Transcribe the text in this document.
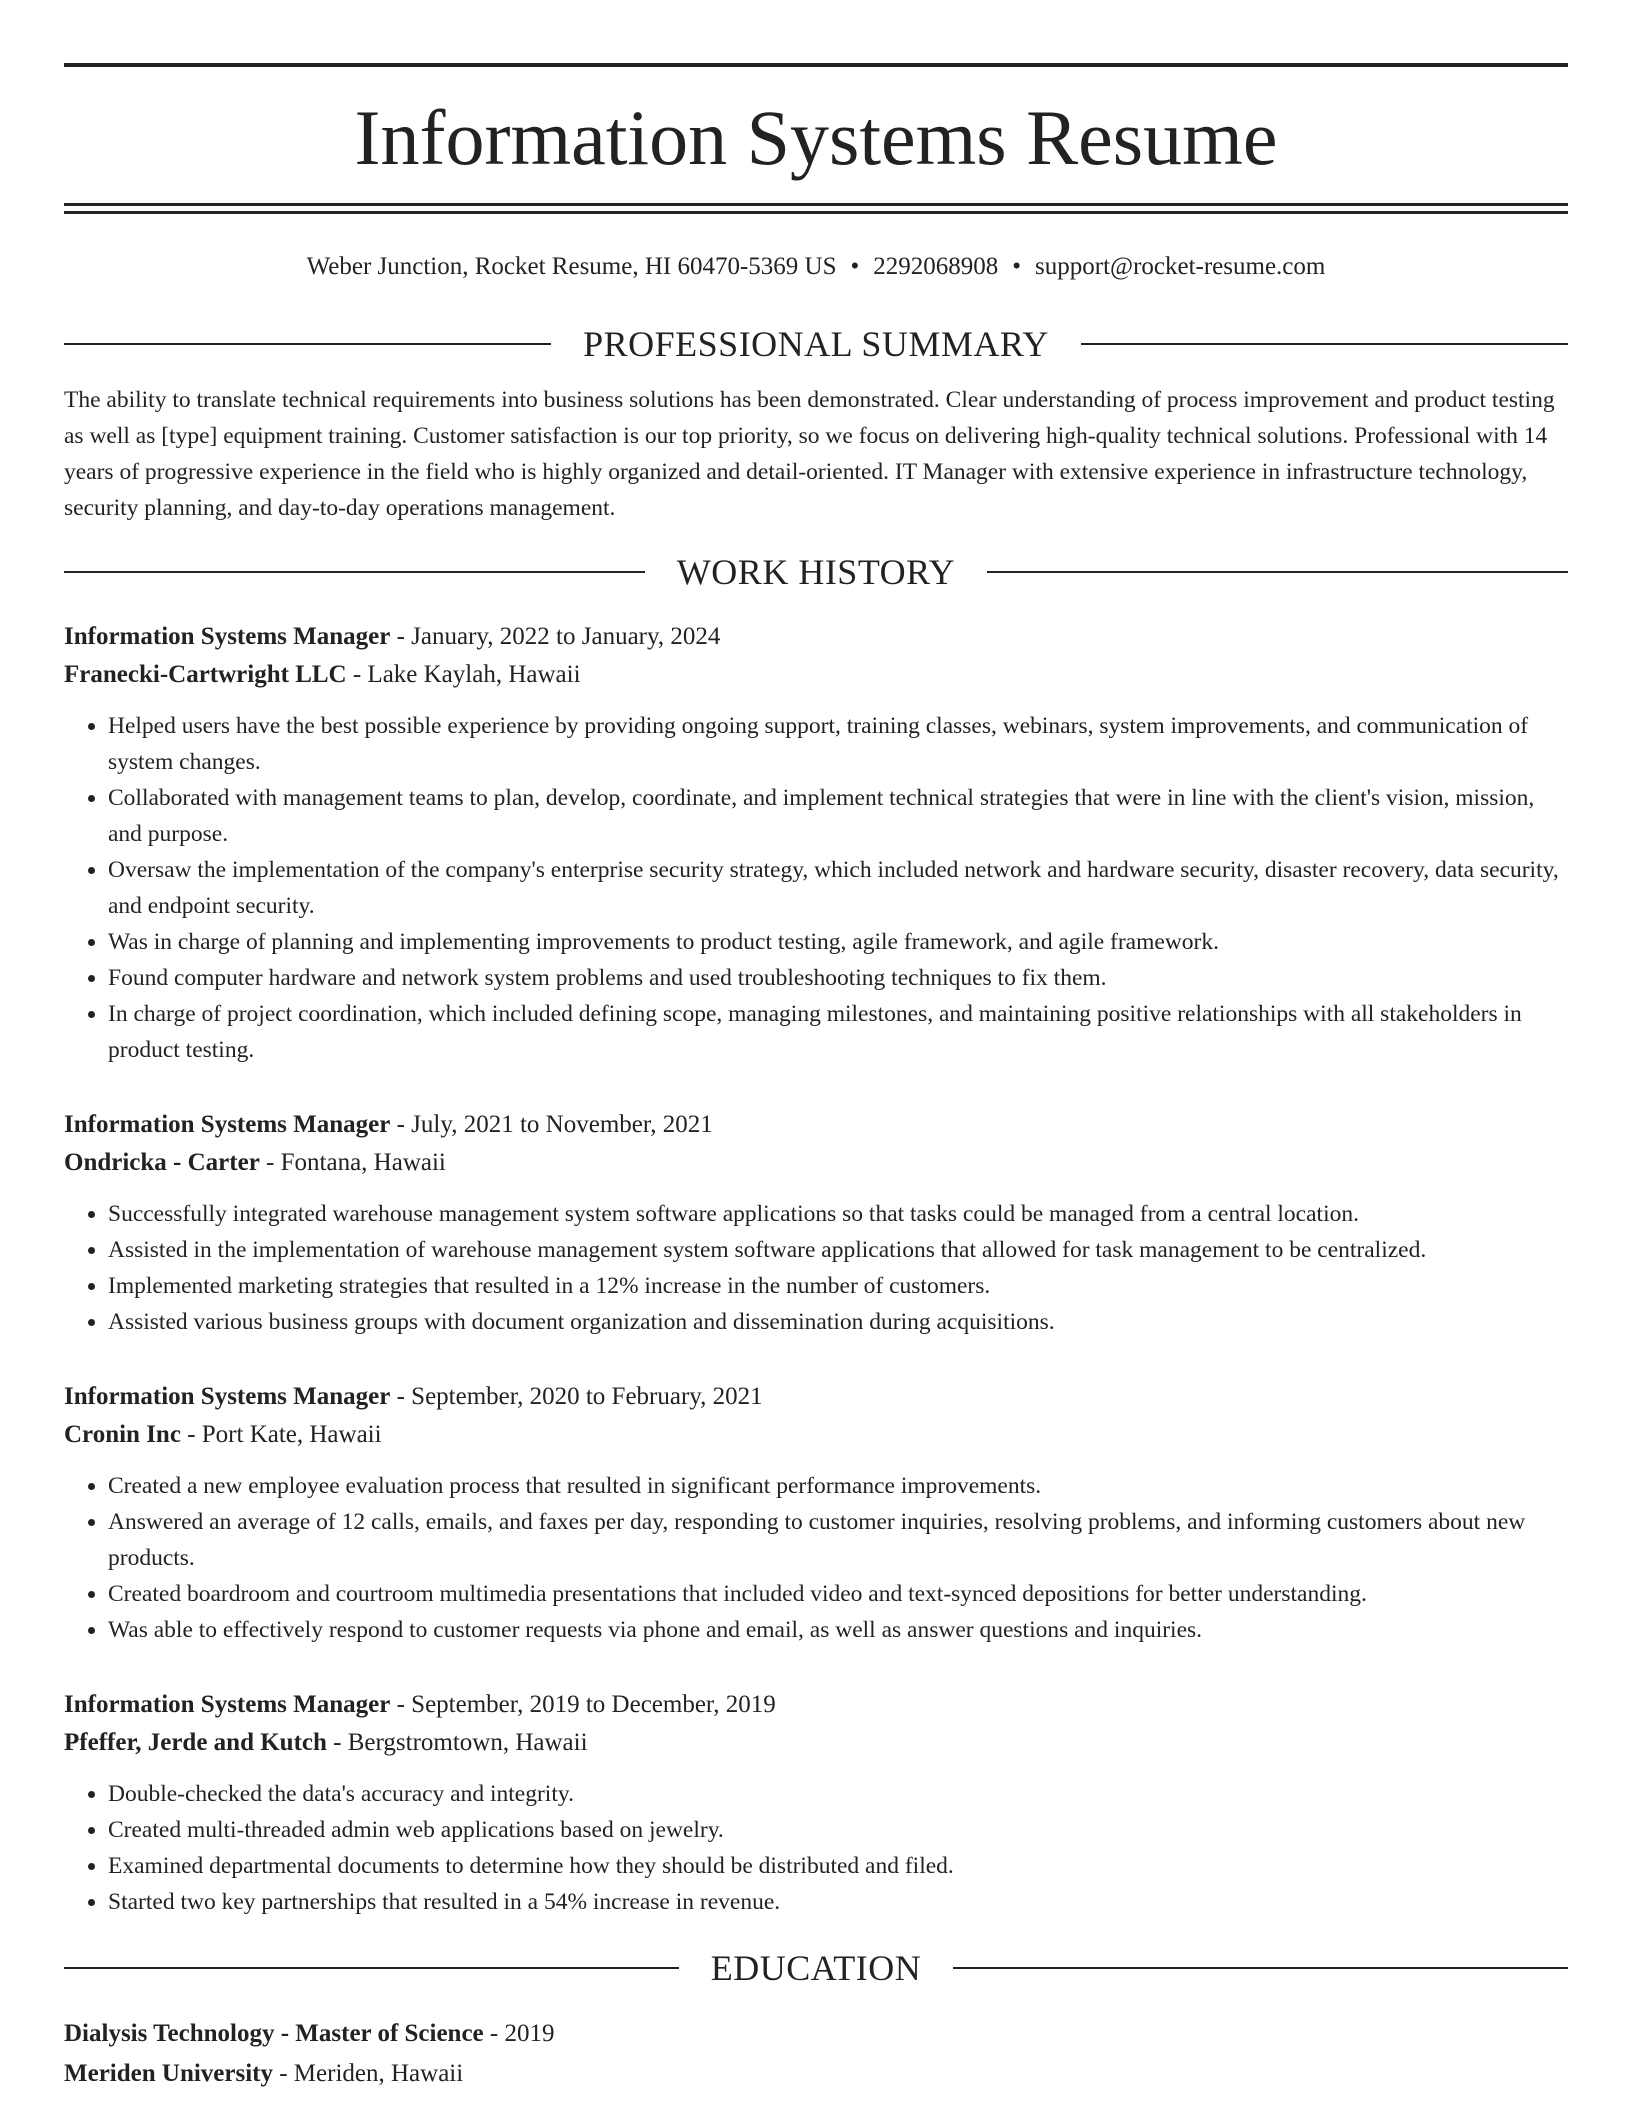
Information Systems Resume
Weber Junction, Rocket Resume, HI 60470-5369 US • 2292068908 • support@rocket-resume.com
PROFESSIONAL SUMMARY

The ability to translate technical requirements into business solutions has been demonstrated. Clear understanding of process improvement and product testing as well as [type] equipment training. Customer satisfaction is our top priority, so we focus on delivering high-quality technical solutions. Professional with 14 years of progressive experience in the field who is highly organized and detail-oriented. IT Manager with extensive experience in infrastructure technology, security planning, and day-to-day operations management.

WORK HISTORY
Information Systems Manager - January, 2022 to January, 2024
Franecki-Cartwright LLC - Lake Kaylah, Hawaii
• Helped users have the best possible experience by providing ongoing support, training classes, webinars, system improvements, and communication of system changes.
• Collaborated with management teams to plan, develop, coordinate, and implement technical strategies that were in line with the client's vision, mission, and purpose.
• Oversaw the implementation of the company's enterprise security strategy, which included network and hardware security, disaster recovery, data security, and endpoint security.
• Was in charge of planning and implementing improvements to product testing, agile framework, and agile framework.
• Found computer hardware and network system problems and used troubleshooting techniques to fix them.
• In charge of project coordination, which included defining scope, managing milestones, and maintaining positive relationships with all stakeholders in product testing.
Information Systems Manager - July, 2021 to November, 2021
Ondricka - Carter - Fontana, Hawaii
• Successfully integrated warehouse management system software applications so that tasks could be managed from a central location.
• Assisted in the implementation of warehouse management system software applications that allowed for task management to be centralized.
• Implemented marketing strategies that resulted in a 12% increase in the number of customers.
• Assisted various business groups with document organization and dissemination during acquisitions.
Information Systems Manager - September, 2020 to February, 2021
Cronin Inc - Port Kate, Hawaii
• Created a new employee evaluation process that resulted in significant performance improvements.
• Answered an average of 12 calls, emails, and faxes per day, responding to customer inquiries, resolving problems, and informing customers about new products.
• Created boardroom and courtroom multimedia presentations that included video and text-synced depositions for better understanding.
• Was able to effectively respond to customer requests via phone and email, as well as answer questions and inquiries.
Information Systems Manager - September, 2019 to December, 2019
Pfeffer, Jerde and Kutch - Bergstromtown, Hawaii
• Double-checked the data's accuracy and integrity.
• Created multi-threaded admin web applications based on jewelry.
• Examined departmental documents to determine how they should be distributed and filed.
• Started two key partnerships that resulted in a 54% increase in revenue.
EDUCATION
Dialysis Technology - Master of Science - 2019
Meriden University - Meriden, Hawaii
